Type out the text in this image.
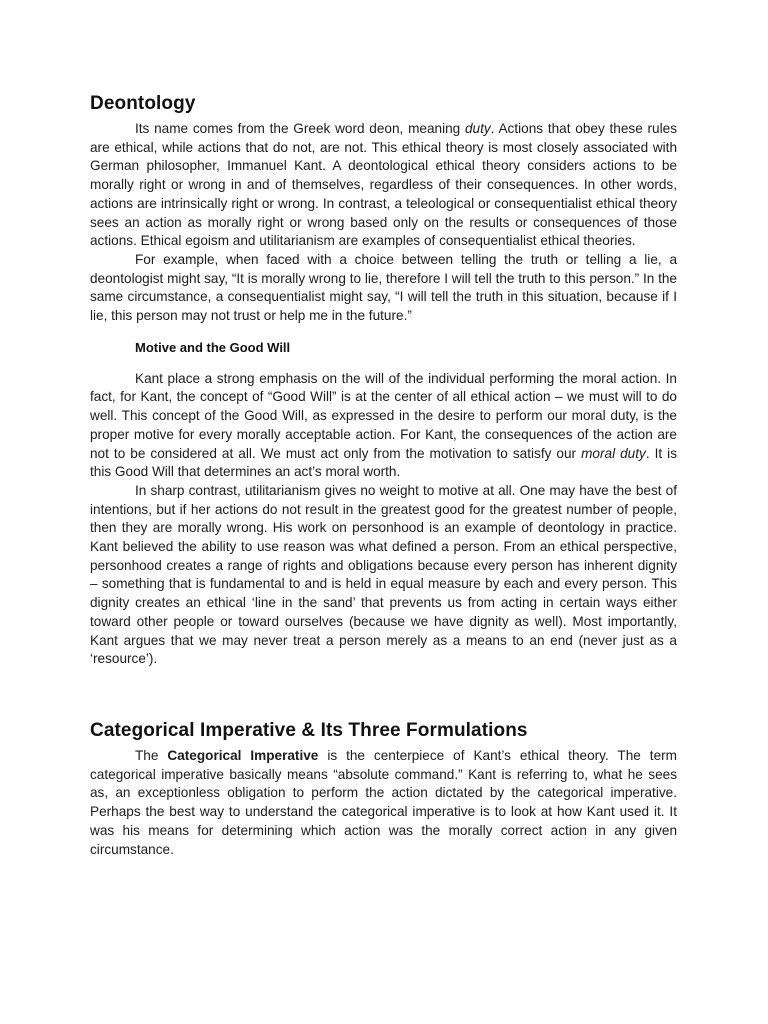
Deontology

Its name comes from the Greek word deon, meaning duty. Actions that obey these rules are ethical, while actions that do not, are not. This ethical theory is most closely associated with German philosopher, Immanuel Kant. A deontological ethical theory considers actions to be morally right or wrong in and of themselves, regardless of their consequences. In other words, actions are intrinsically right or wrong. In contrast, a teleological or consequentialist ethical theory sees an action as morally right or wrong based only on the results or consequences of those actions. Ethical egoism and utilitarianism are examples of consequentialist ethical theories.

For example, when faced with a choice between telling the truth or telling a lie, a deontologist might say, “It is morally wrong to lie, therefore I will tell the truth to this person.” In the same circumstance, a consequentialist might say, “I will tell the truth in this situation, because if I lie, this person may not trust or help me in the future.”

Motive and the Good Will

Kant place a strong emphasis on the will of the individual performing the moral action. In fact, for Kant, the concept of “Good Will” is at the center of all ethical action – we must will to do well. This concept of the Good Will, as expressed in the desire to perform our moral duty, is the proper motive for every morally acceptable action. For Kant, the consequences of the action are not to be considered at all. We must act only from the motivation to satisfy our moral duty. It is this Good Will that determines an act’s moral worth.

In sharp contrast, utilitarianism gives no weight to motive at all. One may have the best of intentions, but if her actions do not result in the greatest good for the greatest number of people, then they are morally wrong. His work on personhood is an example of deontology in practice. Kant believed the ability to use reason was what defined a person. From an ethical perspective, personhood creates a range of rights and obligations because every person has inherent dignity – something that is fundamental to and is held in equal measure by each and every person. This dignity creates an ethical ‘line in the sand’ that prevents us from acting in certain ways either toward other people or toward ourselves (because we have dignity as well). Most importantly, Kant argues that we may never treat a person merely as a means to an end (never just as a ‘resource’).

Categorical Imperative & Its Three Formulations

The Categorical Imperative is the centerpiece of Kant’s ethical theory. The term categorical imperative basically means “absolute command.” Kant is referring to, what he sees as, an exceptionless obligation to perform the action dictated by the categorical imperative. Perhaps the best way to understand the categorical imperative is to look at how Kant used it. It was his means for determining which action was the morally correct action in any given circumstance.
